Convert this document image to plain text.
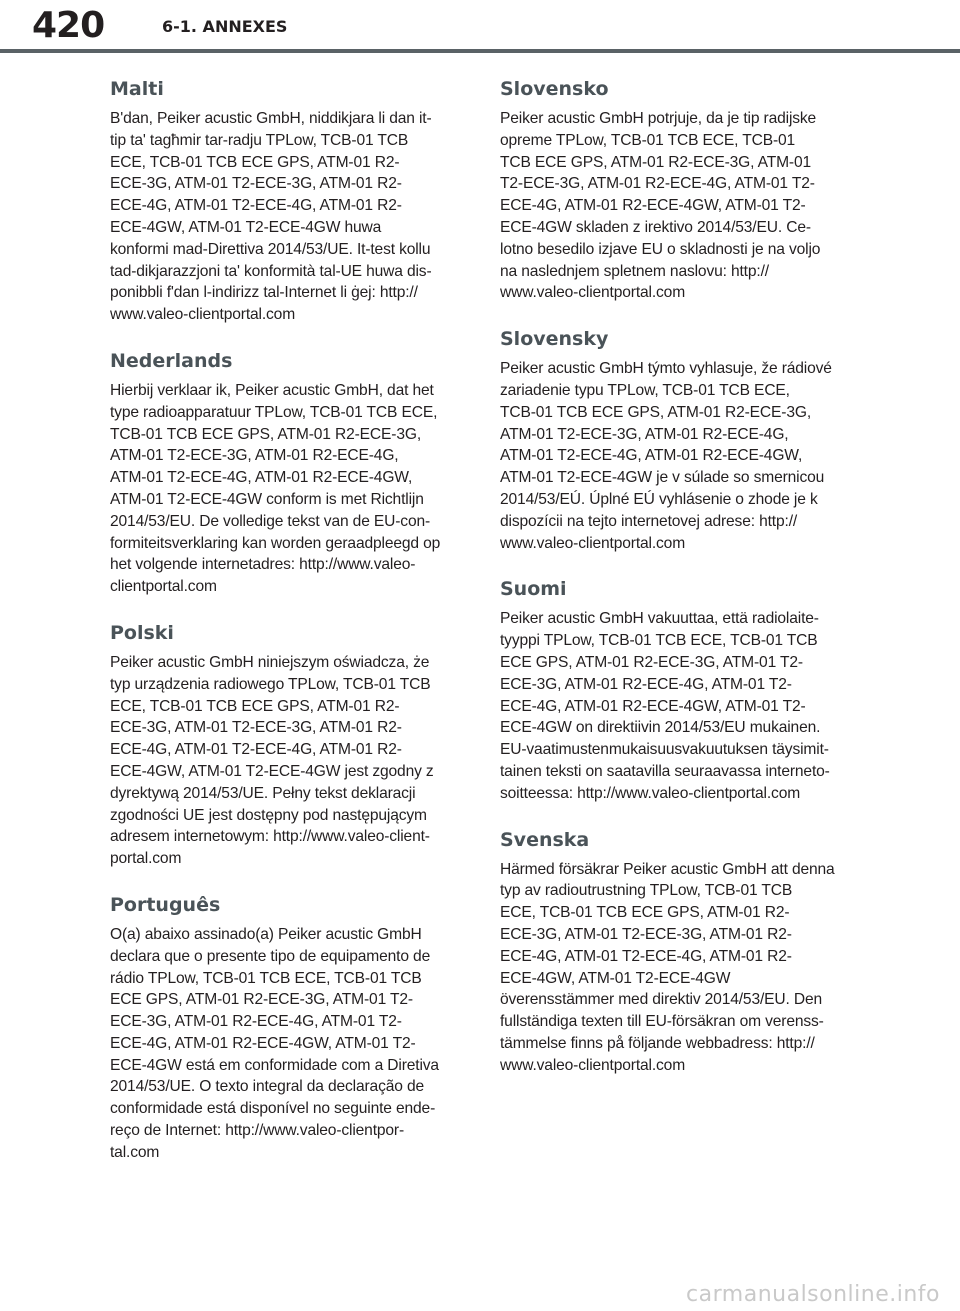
420	6-1. ANNEXES
Malti
B'dan, Peiker acustic GmbH, niddikjara li dan it-
tip ta' tagħmir tar-radju TPLow, TCB-01 TCB
ECE, TCB-01 TCB ECE GPS, ATM-01 R2-
ECE-3G, ATM-01 T2-ECE-3G, ATM-01 R2-
ECE-4G, ATM-01 T2-ECE-4G, ATM-01 R2-
ECE-4GW, ATM-01 T2-ECE-4GW huwa
konformi mad-Direttiva 2014/53/UE. It-test kollu
tad-dikjarazzjoni ta' konformità tal-UE huwa dis-
ponibbli f'dan l-indirizz tal-Internet li ġej: http://
www.valeo-clientportal.com
Nederlands
Hierbij verklaar ik, Peiker acustic GmbH, dat het
type radioapparatuur TPLow, TCB-01 TCB ECE,
TCB-01 TCB ECE GPS, ATM-01 R2-ECE-3G,
ATM-01 T2-ECE-3G, ATM-01 R2-ECE-4G,
ATM-01 T2-ECE-4G, ATM-01 R2-ECE-4GW,
ATM-01 T2-ECE-4GW conform is met Richtlijn
2014/53/EU. De volledige tekst van de EU-con-
formiteitsverklaring kan worden geraadpleegd op
het volgende internetadres: http://www.valeo-
clientportal.com
Polski
Peiker acustic GmbH niniejszym oświadcza, że
typ urządzenia radiowego TPLow, TCB-01 TCB
ECE, TCB-01 TCB ECE GPS, ATM-01 R2-
ECE-3G, ATM-01 T2-ECE-3G, ATM-01 R2-
ECE-4G, ATM-01 T2-ECE-4G, ATM-01 R2-
ECE-4GW, ATM-01 T2-ECE-4GW jest zgodny z
dyrektywą 2014/53/UE. Pełny tekst deklaracji
zgodności UE jest dostępny pod następującym
adresem internetowym: http://www.valeo-client-
portal.com
Português
O(a) abaixo assinado(a) Peiker acustic GmbH
declara que o presente tipo de equipamento de
rádio TPLow, TCB-01 TCB ECE, TCB-01 TCB
ECE GPS, ATM-01 R2-ECE-3G, ATM-01 T2-
ECE-3G, ATM-01 R2-ECE-4G, ATM-01 T2-
ECE-4G, ATM-01 R2-ECE-4GW, ATM-01 T2-
ECE-4GW está em conformidade com a Diretiva
2014/53/UE. O texto integral da declaração de
conformidade está disponível no seguinte ende-
reço de Internet: http://www.valeo-clientpor-
tal.com
Slovensko
Peiker acustic GmbH potrjuje, da je tip radijske
opreme TPLow, TCB-01 TCB ECE, TCB-01
TCB ECE GPS, ATM-01 R2-ECE-3G, ATM-01
T2-ECE-3G, ATM-01 R2-ECE-4G, ATM-01 T2-
ECE-4G, ATM-01 R2-ECE-4GW, ATM-01 T2-
ECE-4GW skladen z irektivo 2014/53/EU. Ce-
lotno besedilo izjave EU o skladnosti je na voljo
na naslednjem spletnem naslovu: http://
www.valeo-clientportal.com
Slovensky
Peiker acustic GmbH týmto vyhlasuje, že rádiové
zariadenie typu TPLow, TCB-01 TCB ECE,
TCB-01 TCB ECE GPS, ATM-01 R2-ECE-3G,
ATM-01 T2-ECE-3G, ATM-01 R2-ECE-4G,
ATM-01 T2-ECE-4G, ATM-01 R2-ECE-4GW,
ATM-01 T2-ECE-4GW je v súlade so smernicou
2014/53/EÚ. Úplné EÚ vyhlásenie o zhode je k
dispozícii na tejto internetovej adrese: http://
www.valeo-clientportal.com
Suomi
Peiker acustic GmbH vakuuttaa, että radiolaite-
tyyppi TPLow, TCB-01 TCB ECE, TCB-01 TCB
ECE GPS, ATM-01 R2-ECE-3G, ATM-01 T2-
ECE-3G, ATM-01 R2-ECE-4G, ATM-01 T2-
ECE-4G, ATM-01 R2-ECE-4GW, ATM-01 T2-
ECE-4GW on direktiivin 2014/53/EU mukainen.
EU-vaatimustenmukaisuusvakuutuksen täysimit-
tainen teksti on saatavilla seuraavassa interneto-
soitteessa: http://www.valeo-clientportal.com
Svenska
Härmed försäkrar Peiker acustic GmbH att denna
typ av radioutrustning TPLow, TCB-01 TCB
ECE, TCB-01 TCB ECE GPS, ATM-01 R2-
ECE-3G, ATM-01 T2-ECE-3G, ATM-01 R2-
ECE-4G, ATM-01 T2-ECE-4G, ATM-01 R2-
ECE-4GW, ATM-01 T2-ECE-4GW
överensstämmer med direktiv 2014/53/EU. Den
fullständiga texten till EU-försäkran om verenss-
tämmelse finns på följande webbadress: http://
www.valeo-clientportal.com
carmanualsonline.info
